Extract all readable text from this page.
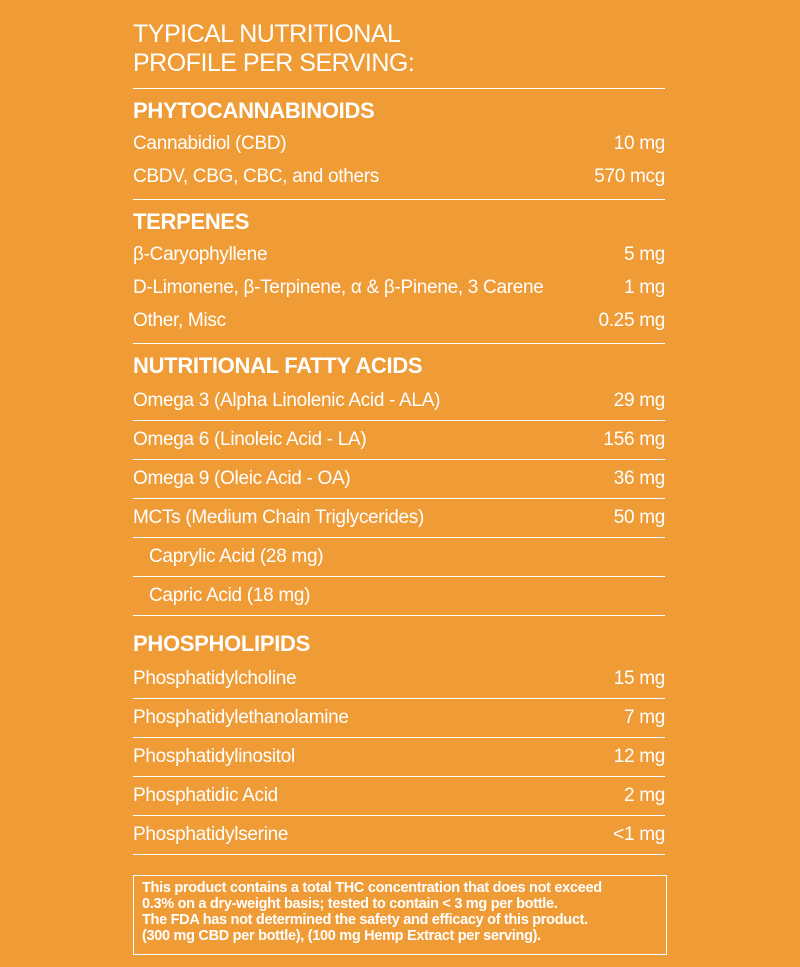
TYPICAL NUTRITIONAL
PROFILE PER SERVING:
PHYTOCANNABINOIDS
Cannabidiol (CBD)	10 mg
CBDV, CBG, CBC, and others	570 mcg
TERPENES
β-Caryophyllene	5 mg
D-Limonene, β-Terpinene, α & β-Pinene, 3 Carene	1 mg
Other, Misc	0.25 mg
NUTRITIONAL FATTY ACIDS
Omega 3 (Alpha Linolenic Acid - ALA)	29 mg
Omega 6 (Linoleic Acid - LA)	156 mg
Omega 9 (Oleic Acid - OA)	36 mg
MCTs (Medium Chain Triglycerides)	50 mg
Caprylic Acid (28 mg)
Capric Acid (18 mg)
PHOSPHOLIPIDS
Phosphatidylcholine	15 mg
Phosphatidylethanolamine	7 mg
Phosphatidylinositol	12 mg
Phosphatidic Acid	2 mg
Phosphatidylserine	<1 mg
This product contains a total THC concentration that does not exceed
0.3% on a dry-weight basis; tested to contain < 3 mg per bottle.
The FDA has not determined the safety and efficacy of this product.
(300 mg CBD per bottle), (100 mg Hemp Extract per serving).
